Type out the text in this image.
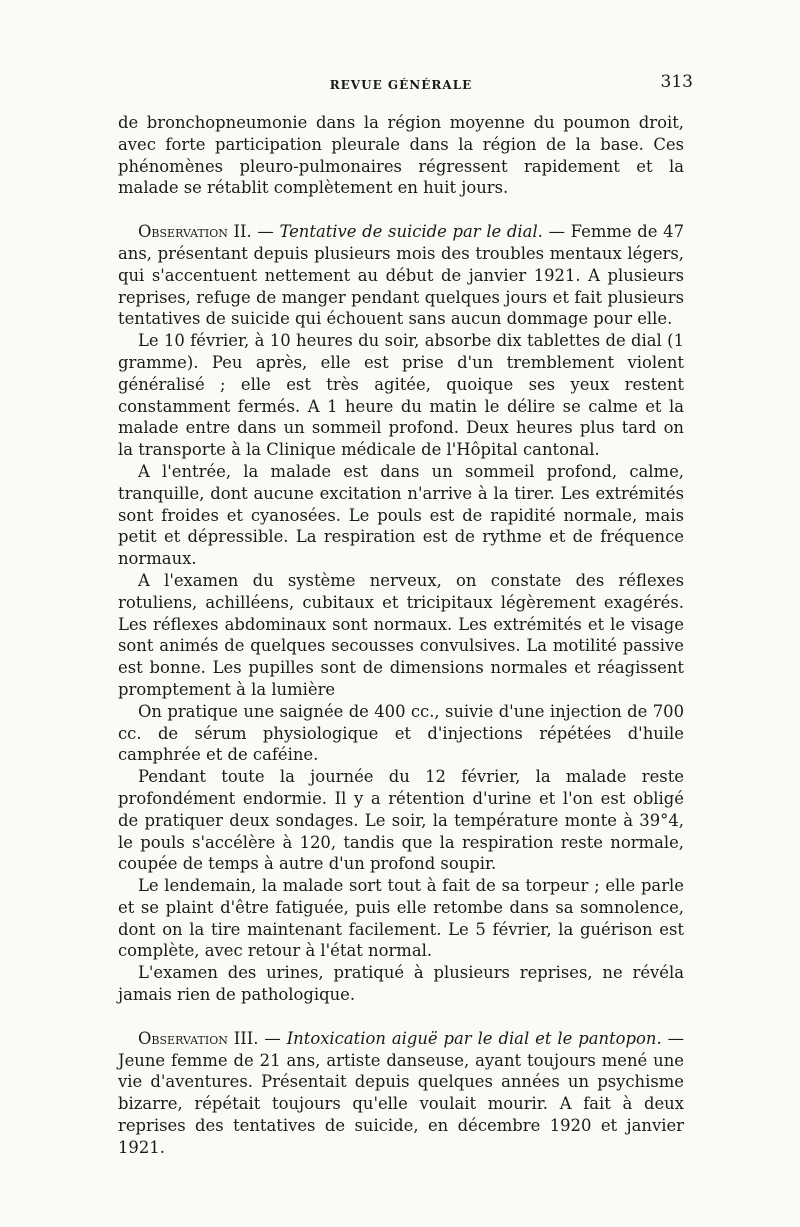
REVUE GÉNÉRALE	313

de bronchopneumonie dans la région moyenne du poumon droit, avec forte participation pleurale dans la région de la base. Ces phénomènes pleuro-pulmonaires régressent rapidement et la malade se rétablit complètement en huit jours.

Observation II. — Tentative de suicide par le dial. — Femme de 47 ans, présentant depuis plusieurs mois des troubles mentaux légers, qui s'accentuent nettement au début de janvier 1921. A plusieurs reprises, refuge de manger pendant quelques jours et fait plusieurs tentatives de suicide qui échouent sans aucun dommage pour elle.

Le 10 février, à 10 heures du soir, absorbe dix tablettes de dial (1 gramme). Peu après, elle est prise d'un tremblement violent généralisé ; elle est très agitée, quoique ses yeux restent constamment fermés. A 1 heure du matin le délire se calme et la malade entre dans un sommeil profond. Deux heures plus tard on la transporte à la Clinique médicale de l'Hôpital cantonal.

A l'entrée, la malade est dans un sommeil profond, calme, tranquille, dont aucune excitation n'arrive à la tirer. Les extrémités sont froides et cyanosées. Le pouls est de rapidité normale, mais petit et dépressible. La respiration est de rythme et de fréquence normaux.

A l'examen du système nerveux, on constate des réflexes rotuliens, achilléens, cubitaux et tricipitaux légèrement exagérés. Les réflexes abdominaux sont normaux. Les extrémités et le visage sont animés de quelques secousses convulsives. La motilité passive est bonne. Les pupilles sont de dimensions normales et réagissent promptement à la lumière

On pratique une saignée de 400 cc., suivie d'une injection de 700 cc. de sérum physiologique et d'injections répétées d'huile camphrée et de caféine.

Pendant toute la journée du 12 février, la malade reste profondément endormie. Il y a rétention d'urine et l'on est obligé de pratiquer deux sondages. Le soir, la température monte à 39°4, le pouls s'accélère à 120, tandis que la respiration reste normale, coupée de temps à autre d'un profond soupir.

Le lendemain, la malade sort tout à fait de sa torpeur ; elle parle et se plaint d'être fatiguée, puis elle retombe dans sa somnolence, dont on la tire maintenant facilement. Le 5 février, la guérison est complète, avec retour à l'état normal.

L'examen des urines, pratiqué à plusieurs reprises, ne révéla jamais rien de pathologique.

Observation III. — Intoxication aiguë par le dial et le pantopon. — Jeune femme de 21 ans, artiste danseuse, ayant toujours mené une vie d'aventures. Présentait depuis quelques années un psychisme bizarre, répétait toujours qu'elle voulait mourir. A fait à deux reprises des tentatives de suicide, en décembre 1920 et janvier 1921.
